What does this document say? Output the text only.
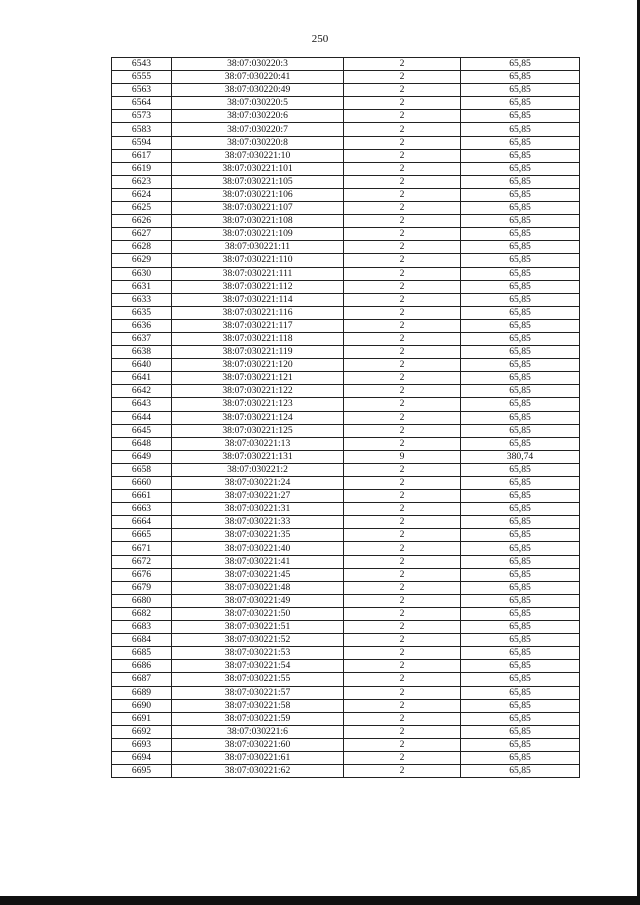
250
6543	38:07:030220:3	2	65,85
6555	38:07:030220:41	2	65,85
6563	38:07:030220:49	2	65,85
6564	38:07:030220:5	2	65,85
6573	38:07:030220:6	2	65,85
6583	38:07:030220:7	2	65,85
6594	38:07:030220:8	2	65,85
6617	38:07:030221:10	2	65,85
6619	38:07:030221:101	2	65,85
6623	38:07:030221:105	2	65,85
6624	38:07:030221:106	2	65,85
6625	38:07:030221:107	2	65,85
6626	38:07:030221:108	2	65,85
6627	38:07:030221:109	2	65,85
6628	38:07:030221:11	2	65,85
6629	38:07:030221:110	2	65,85
6630	38:07:030221:111	2	65,85
6631	38:07:030221:112	2	65,85
6633	38:07:030221:114	2	65,85
6635	38:07:030221:116	2	65,85
6636	38:07:030221:117	2	65,85
6637	38:07:030221:118	2	65,85
6638	38:07:030221:119	2	65,85
6640	38:07:030221:120	2	65,85
6641	38:07:030221:121	2	65,85
6642	38:07:030221:122	2	65,85
6643	38:07:030221:123	2	65,85
6644	38:07:030221:124	2	65,85
6645	38:07:030221:125	2	65,85
6648	38:07:030221:13	2	65,85
6649	38:07:030221:131	9	380,74
6658	38:07:030221:2	2	65,85
6660	38:07:030221:24	2	65,85
6661	38:07:030221:27	2	65,85
6663	38:07:030221:31	2	65,85
6664	38:07:030221:33	2	65,85
6665	38:07:030221:35	2	65,85
6671	38:07:030221:40	2	65,85
6672	38:07:030221:41	2	65,85
6676	38:07:030221:45	2	65,85
6679	38:07:030221:48	2	65,85
6680	38:07:030221:49	2	65,85
6682	38:07:030221:50	2	65,85
6683	38:07:030221:51	2	65,85
6684	38:07:030221:52	2	65,85
6685	38:07:030221:53	2	65,85
6686	38:07:030221:54	2	65,85
6687	38:07:030221:55	2	65,85
6689	38:07:030221:57	2	65,85
6690	38:07:030221:58	2	65,85
6691	38:07:030221:59	2	65,85
6692	38:07:030221:6	2	65,85
6693	38:07:030221:60	2	65,85
6694	38:07:030221:61	2	65,85
6695	38:07:030221:62	2	65,85
